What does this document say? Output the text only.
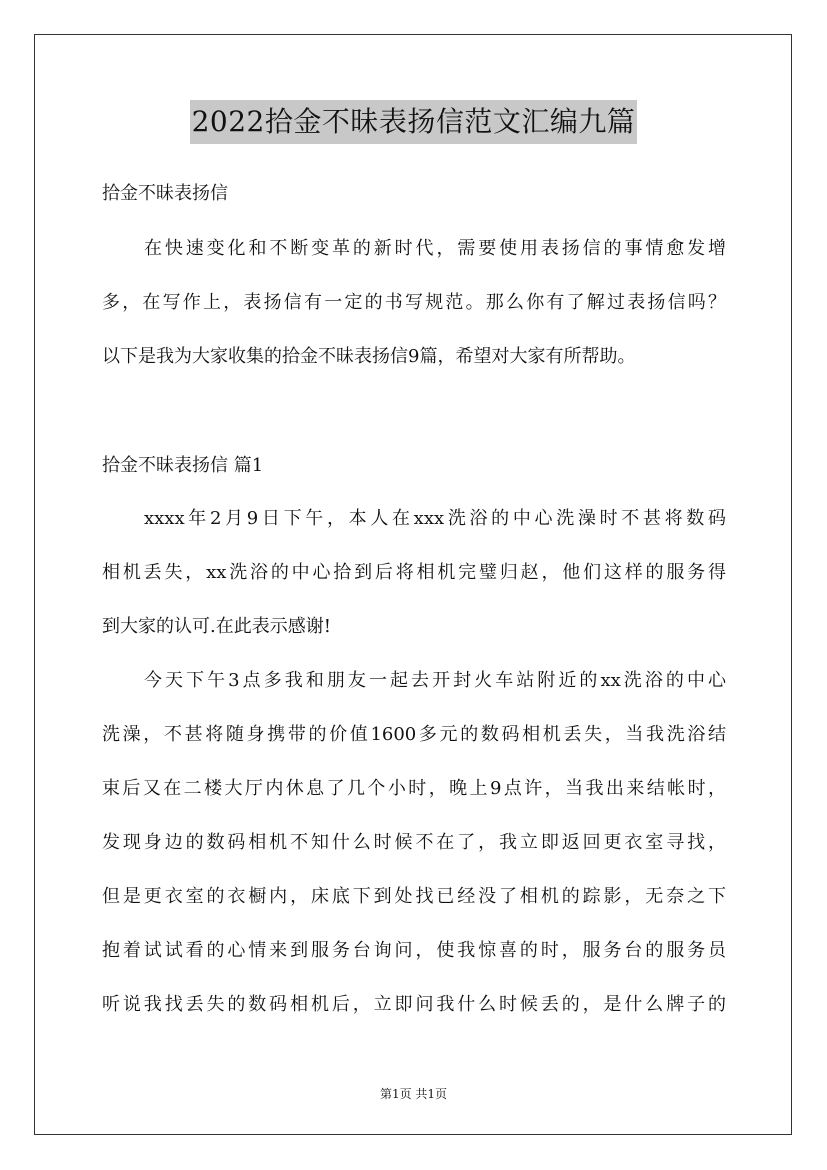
2022拾金不昧表扬信范文汇编九篇
拾金不昧表扬信
在快速变化和不断变革的新时代，需要使用表扬信的事情愈发增
多，在写作上，表扬信有一定的书写规范。那么你有了解过表扬信吗？
以下是我为大家收集的拾金不昧表扬信9篇，希望对大家有所帮助。
拾金不昧表扬信 篇1
xxxx年2月9日下午，本人在xxx洗浴的中心洗澡时不甚将数码
相机丢失，xx洗浴的中心拾到后将相机完璧归赵，他们这样的服务得
到大家的认可.在此表示感谢!
今天下午3点多我和朋友一起去开封火车站附近的xx洗浴的中心
洗澡，不甚将随身携带的价值1600多元的数码相机丢失，当我洗浴结
束后又在二楼大厅内休息了几个小时，晚上9点许，当我出来结帐时，
发现身边的数码相机不知什么时候不在了，我立即返回更衣室寻找，
但是更衣室的衣橱内，床底下到处找已经没了相机的踪影，无奈之下
抱着试试看的心情来到服务台询问，使我惊喜的时，服务台的服务员
听说我找丢失的数码相机后，立即问我什么时候丢的，是什么牌子的
第1页 共1页
